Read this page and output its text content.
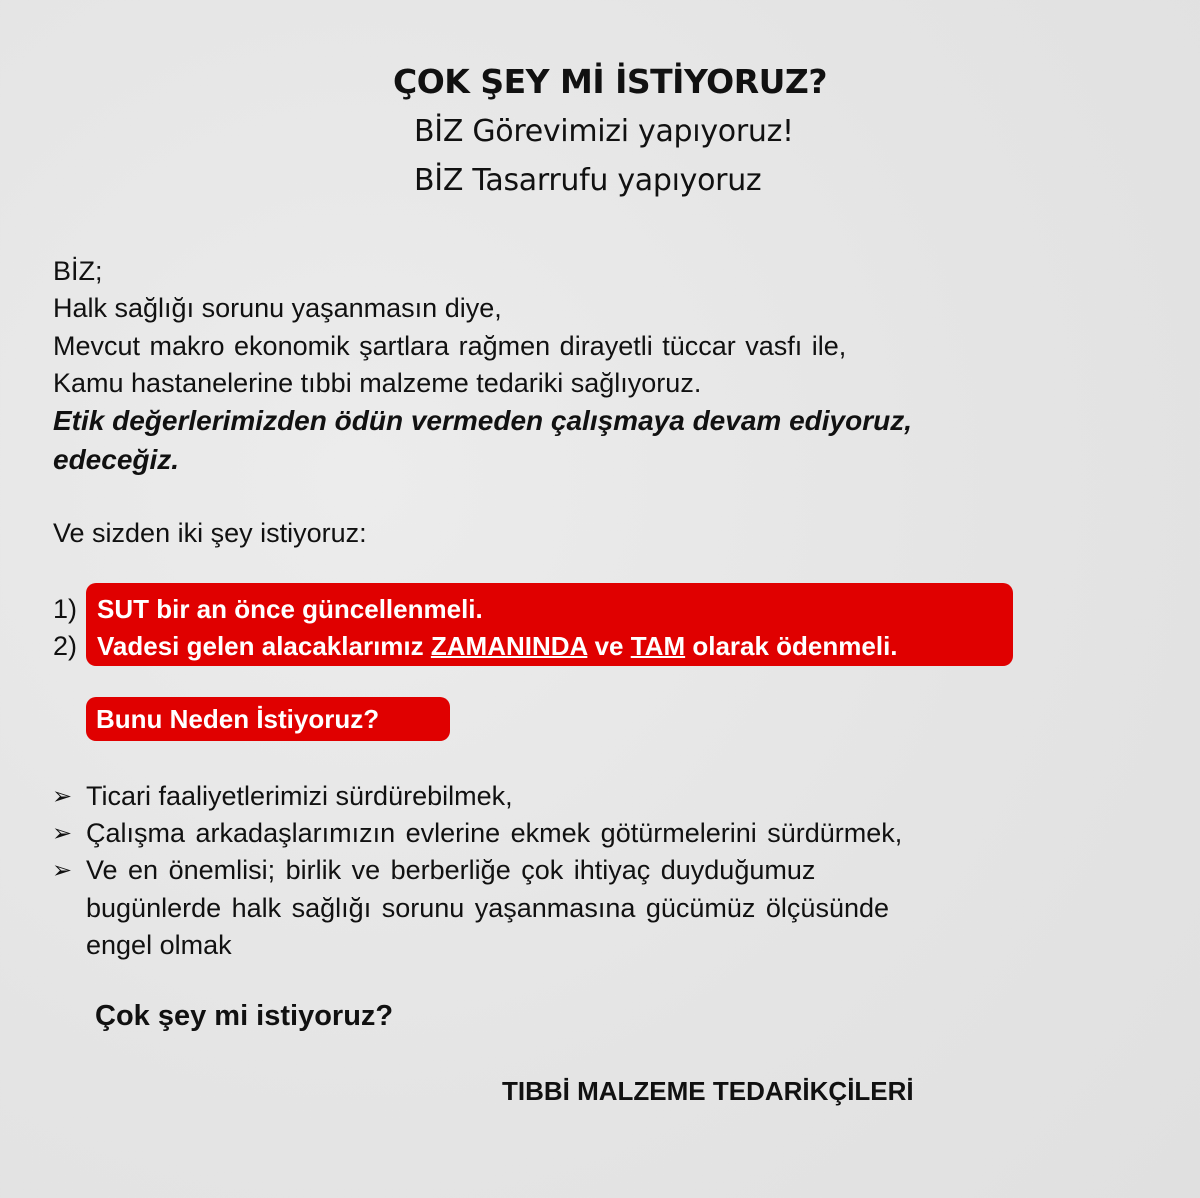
ÇOK ŞEY Mİ İSTİYORUZ?
BİZ Görevimizi yapıyoruz!
BİZ Tasarrufu yapıyoruz
BİZ;
Halk sağlığı sorunu yaşanmasın diye,
Mevcut makro ekonomik şartlara rağmen dirayetli tüccar vasfı ile,
Kamu hastanelerine tıbbi malzeme tedariki sağlıyoruz.
Etik değerlerimizden ödün vermeden çalışmaya devam ediyoruz,
edeceğiz.
Ve sizden iki şey istiyoruz:
1) SUT bir an önce güncellenmeli.
2) Vadesi gelen alacaklarımız ZAMANINDA ve TAM olarak ödenmeli.
Bunu Neden İstiyoruz?
➢ Ticari faaliyetlerimizi sürdürebilmek,
➢ Çalışma arkadaşlarımızın evlerine ekmek götürmelerini sürdürmek,
➢ Ve en önemlisi; birlik ve berberliğe çok ihtiyaç duyduğumuz
bugünlerde halk sağlığı sorunu yaşanmasına gücümüz ölçüsünde
engel olmak
Çok şey mi istiyoruz?
TIBBİ MALZEME TEDARİKÇİLERİ
